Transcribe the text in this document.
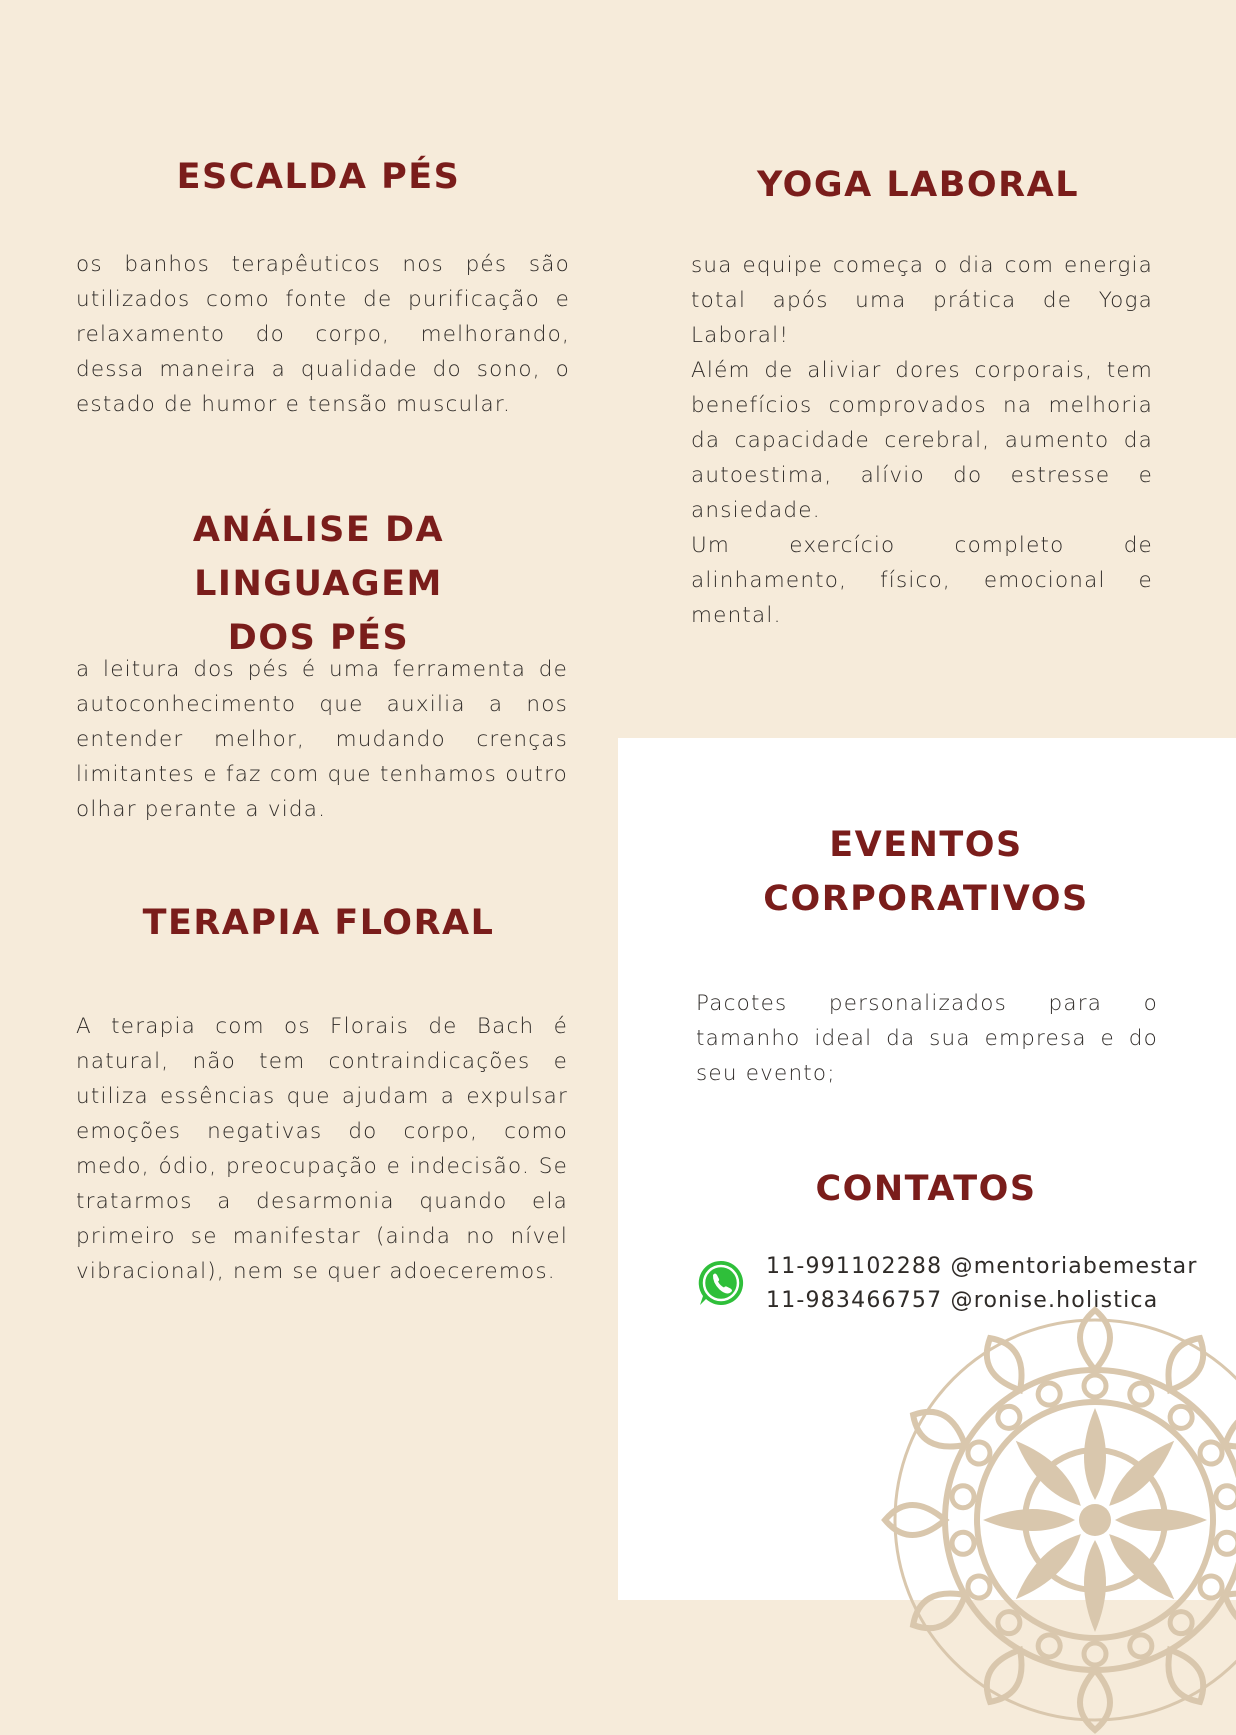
ESCALDA PÉS

os banhos terapêuticos nos pés são utilizados como fonte de purificação e relaxamento do corpo, melhorando, dessa maneira a qualidade do sono, o estado de humor e tensão muscular.

ANÁLISE DA LINGUAGEM
DOS PÉS

a leitura dos pés é uma ferramenta de autoconhecimento que auxilia a nos entender melhor, mudando crenças limitantes e faz com que tenhamos outro olhar perante a vida.

TERAPIA FLORAL

A terapia com os Florais de Bach é natural, não tem contraindicações e utiliza essências que ajudam a expulsar emoções negativas do corpo, como medo, ódio, preocupação e indecisão. Se tratarmos a desarmonia quando ela primeiro se manifestar (ainda no nível vibracional), nem se quer adoeceremos.

YOGA LABORAL

sua equipe começa o dia com energia total após uma prática de Yoga Laboral!

Além de aliviar dores corporais, tem benefícios comprovados na melhoria da capacidade cerebral, aumento da autoestima, alívio do estresse e ansiedade.

Um exercício completo de alinhamento, físico, emocional e mental.

EVENTOS
CORPORATIVOS

Pacotes personalizados para o tamanho ideal da sua empresa e do seu evento;

CONTATOS

11-991102288 @mentoriabemestar

11-983466757 @ronise.holistica
